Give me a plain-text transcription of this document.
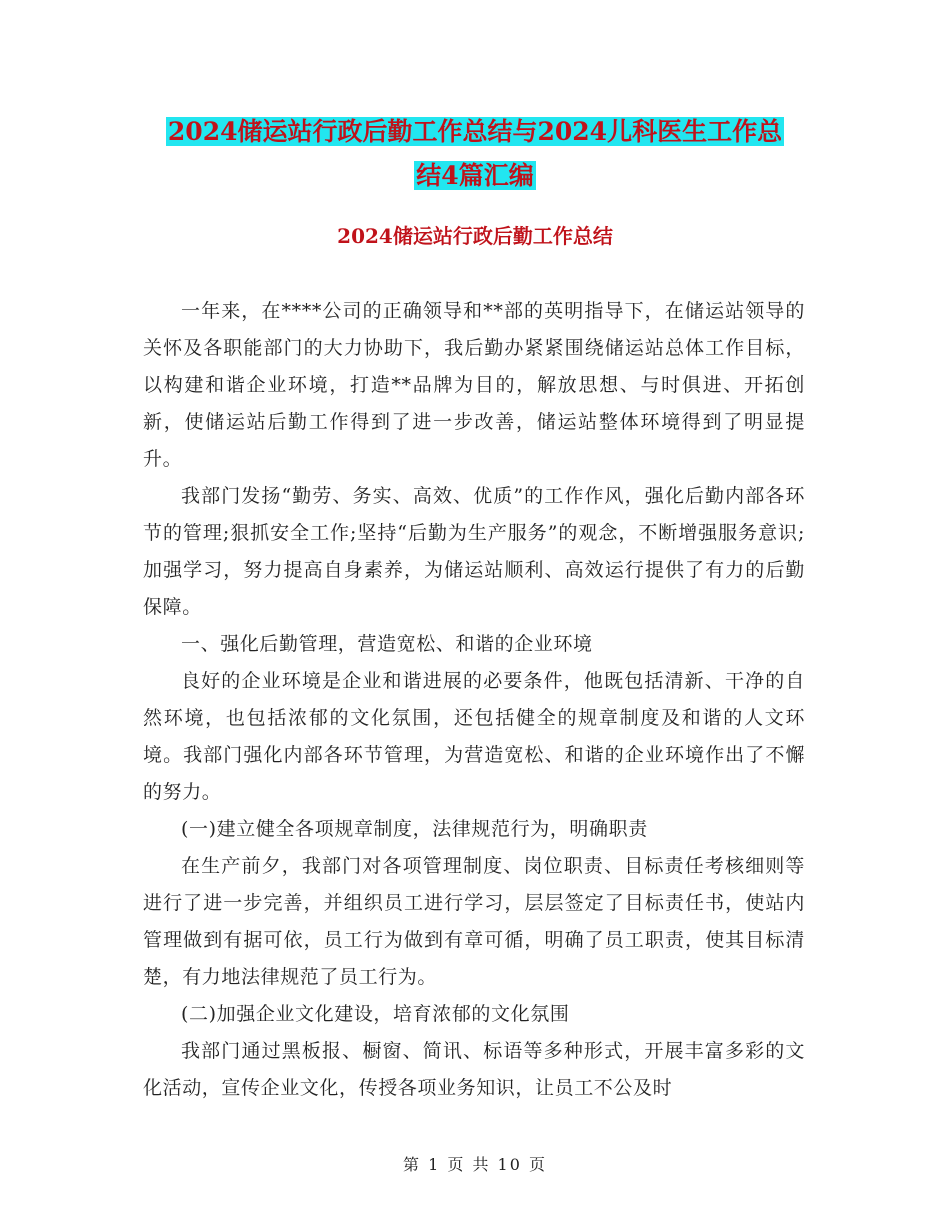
2024储运站行政后勤工作总结与2024儿科医生工作总
结4篇汇编
2024储运站行政后勤工作总结

一年来，在****公司的正确领导和**部的英明指导下，在储运站领导的关怀及各职能部门的大力协助下，我后勤办紧紧围绕储运站总体工作目标，以构建和谐企业环境，打造**品牌为目的，解放思想、与时俱进、开拓创新，使储运站后勤工作得到了进一步改善，储运站整体环境得到了明显提升。

我部门发扬“勤劳、务实、高效、优质”的工作作风，强化后勤内部各环节的管理;狠抓安全工作;坚持“后勤为生产服务”的观念，不断增强服务意识;加强学习，努力提高自身素养，为储运站顺利、高效运行提供了有力的后勤保障。

一、强化后勤管理，营造宽松、和谐的企业环境

良好的企业环境是企业和谐进展的必要条件，他既包括清新、干净的自然环境，也包括浓郁的文化氛围，还包括健全的规章制度及和谐的人文环境。我部门强化内部各环节管理，为营造宽松、和谐的企业环境作出了不懈的努力。

(一)建立健全各项规章制度，法律规范行为，明确职责

在生产前夕，我部门对各项管理制度、岗位职责、目标责任考核细则等进行了进一步完善，并组织员工进行学习，层层签定了目标责任书，使站内管理做到有据可依，员工行为做到有章可循，明确了员工职责，使其目标清楚，有力地法律规范了员工行为。

(二)加强企业文化建设，培育浓郁的文化氛围

我部门通过黑板报、橱窗、简讯、标语等多种形式，开展丰富多彩的文化活动，宣传企业文化，传授各项业务知识，让员工不公及时

第 1 页 共 10 页
